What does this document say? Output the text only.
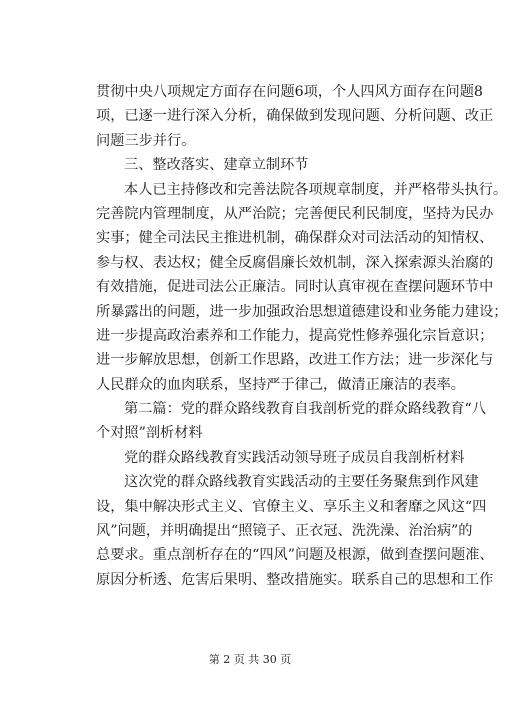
贯彻中央八项规定方面存在问题6项，个人四风方面存在问题8
项，已逐一进行深入分析，确保做到发现问题、分析问题、改正
问题三步并行。
三、整改落实、建章立制环节
本人已主持修改和完善法院各项规章制度，并严格带头执行。
完善院内管理制度，从严治院；完善便民利民制度，坚持为民办
实事；健全司法民主推进机制，确保群众对司法活动的知情权、
参与权、表达权；健全反腐倡廉长效机制，深入探索源头治腐的
有效措施，促进司法公正廉洁。同时认真审视在查摆问题环节中
所暴露出的问题，进一步加强政治思想道德建设和业务能力建设；
进一步提高政治素养和工作能力，提高党性修养强化宗旨意识；
进一步解放思想，创新工作思路，改进工作方法；进一步深化与
人民群众的血肉联系，坚持严于律己，做清正廉洁的表率。
第二篇：党的群众路线教育自我剖析党的群众路线教育“八
个对照”剖析材料
党的群众路线教育实践活动领导班子成员自我剖析材料
这次党的群众路线教育实践活动的主要任务聚焦到作风建
设，集中解决形式主义、官僚主义、享乐主义和奢靡之风这“四
风”问题，并明确提出“照镜子、正衣冠、洗洗澡、治治病”的
总要求。重点剖析存在的“四风”问题及根源，做到查摆问题准、
原因分析透、危害后果明、整改措施实。联系自己的思想和工作
第 2 页 共 30 页
